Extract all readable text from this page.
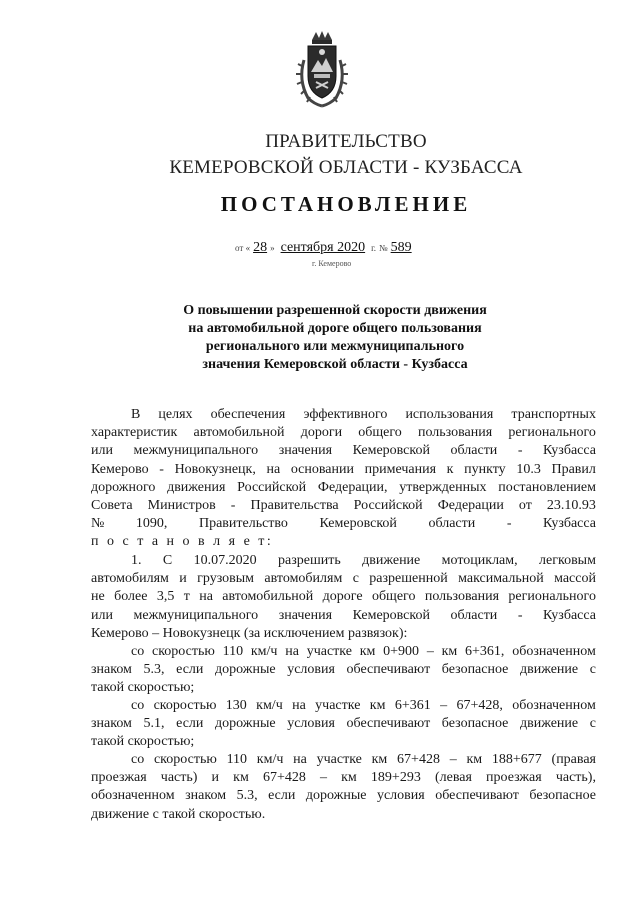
ПРАВИТЕЛЬСТВО
КЕМЕРОВСКОЙ ОБЛАСТИ - КУЗБАССА
ПОСТАНОВЛЕНИЕ
от « 28 » сентября 2020 г. № 589
г. Кемерово
О повышении разрешенной скорости движения
на автомобильной дороге общего пользования
регионального или межмуниципального
значения Кемеровской области - Кузбасса
В целях обеспечения эффективного использования транспортных
характеристик автомобильной дороги общего пользования регионального
или межмуниципального значения Кемеровской области - Кузбасса
Кемерово - Новокузнецк, на основании примечания к пункту 10.3 Правил
дорожного движения Российской Федерации, утвержденных постановлением
Совета Министров - Правительства Российской Федерации от 23.10.93
№ 1090, Правительство Кемеровской области - Кузбасса
п о с т а н о в л я е т:
1. С 10.07.2020 разрешить движение мотоциклам, легковым
автомобилям и грузовым автомобилям с разрешенной максимальной массой
не более 3,5 т на автомобильной дороге общего пользования регионального
или межмуниципального значения Кемеровской области - Кузбасса
Кемерово – Новокузнецк (за исключением развязок):
со скоростью 110 км/ч на участке км 0+900 – км 6+361, обозначенном
знаком 5.3, если дорожные условия обеспечивают безопасное движение с
такой скоростью;
со скоростью 130 км/ч на участке км 6+361 – 67+428, обозначенном
знаком 5.1, если дорожные условия обеспечивают безопасное движение с
такой скоростью;
со скоростью 110 км/ч на участке км 67+428 – км 188+677 (правая
проезжая часть) и км 67+428 – км 189+293 (левая проезжая часть),
обозначенном знаком 5.3, если дорожные условия обеспечивают безопасное
движение с такой скоростью.
